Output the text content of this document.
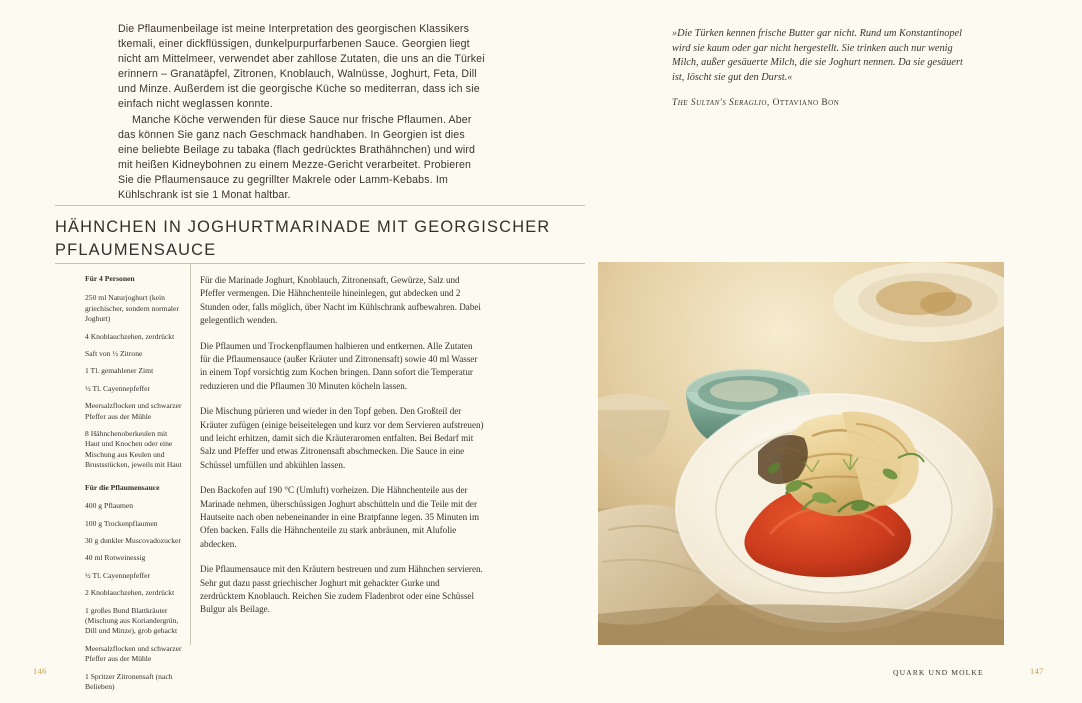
Die Pflaumenbeilage ist meine Interpretation des georgischen Klassikers tkemali, einer dickflüssigen, dunkelpurpurfarbenen Sauce. Georgien liegt nicht am Mittelmeer, verwendet aber zahllose Zutaten, die uns an die Türkei erinnern – Granatäpfel, Zitronen, Knoblauch, Walnüsse, Joghurt, Feta, Dill und Minze. Außerdem ist die georgische Küche so mediterran, dass ich sie einfach nicht weglassen konnte.

Manche Köche verwenden für diese Sauce nur frische Pflaumen. Aber das können Sie ganz nach Geschmack handhaben. In Georgien ist dies eine beliebte Beilage zu tabaka (flach gedrücktes Brathähnchen) und wird mit heißen Kidneybohnen zu einem Mezze-Gericht verarbeitet. Probieren Sie die Pflaumensauce zu gegrillter Makrele oder Lamm-Kebabs. Im Kühlschrank ist sie 1 Monat haltbar.

»Die Türken kennen frische Butter gar nicht. Rund um Konstantinopel wird sie kaum oder gar nicht hergestellt. Sie trinken auch nur wenig Milch, außer gesäuerte Milch, die sie Joghurt nennen. Da sie gesäuert ist, löscht sie gut den Durst.«

The Sultan's Seraglio, Ottaviano Bon

HÄHNCHEN IN JOGHURTMARINADE MIT GEORGISCHER PFLAUMENSAUCE
Für 4 Personen
250 ml Naturjoghurt (kein griechischer, sondern normaler Joghurt)
4 Knoblauchzehen, zerdrückt
Saft von ½ Zitrone
1 Tl. gemahlener Zimt
½ Tl. Cayennepfeffer
Meersalzflocken und schwarzer Pfeffer aus der Mühle
8 Hähnchenoberkeulen mit Haut und Knochen oder eine Mischung aus Keulen und Brustsstücken, jeweils mit Haut
Für die Pflaumensauce
400 g Pflaumen
100 g Trockenpflaumen
30 g dunkler Muscovadozucker
40 ml Rotweinessig
½ Tl. Cayennepfeffer
2 Knoblauchzehen, zerdrückt
1 großes Bund Blattkräuter (Mischung aus Koriandergrün, Dill und Minze), grob gehackt
Meersalzflocken und schwarzer Pfeffer aus der Mühle
1 Spritzer Zitronensaft (nach Belieben)

Für die Marinade Joghurt, Knoblauch, Zitronensaft, Gewürze, Salz und Pfeffer vermengen. Die Hähnchenteile hineinlegen, gut abdecken und 2 Stunden oder, falls möglich, über Nacht im Kühlschrank aufbewahren. Dabei gelegentlich wenden.

Die Pflaumen und Trockenpflaumen halbieren und entkernen. Alle Zutaten für die Pflaumensauce (außer Kräuter und Zitronensaft) sowie 40 ml Wasser in einem Topf vorsichtig zum Kochen bringen. Dann sofort die Temperatur reduzieren und die Pflaumen 30 Minuten köcheln lassen.

Die Mischung pürieren und wieder in den Topf geben. Den Großteil der Kräuter zufügen (einige beiseitelegen und kurz vor dem Servieren aufstreuen) und leicht erhitzen, damit sich die Kräuteraromen entfalten. Bei Bedarf mit Salz und Pfeffer und etwas Zitronensaft abschmecken. Die Sauce in eine Schüssel umfüllen und abkühlen lassen.

Den Backofen auf 190 °C (Umluft) vorheizen. Die Hähnchenteile aus der Marinade nehmen, überschüssigen Joghurt abschütteln und die Teile mit der Hautseite nach oben nebeneinander in eine Bratpfanne legen. 35 Minuten im Ofen backen. Falls die Hähnchenteile zu stark anbräunen, mit Alufolie abdecken.

Die Pflaumensauce mit den Kräutern bestreuen und zum Hähnchen servieren. Sehr gut dazu passt griechischer Joghurt mit gehackter Gurke und zerdrücktem Knoblauch. Reichen Sie zudem Fladenbrot oder eine Schüssel Bulgur als Beilage.

146	QUARK UND MOLKE	147
